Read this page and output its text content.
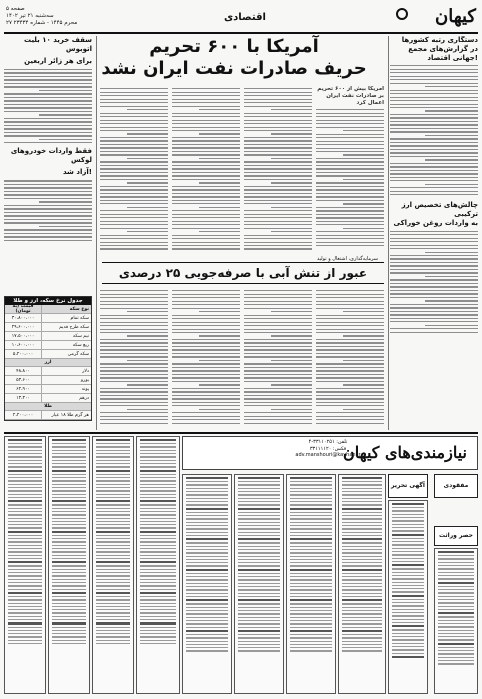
کیهان
اقتصادی
صفحه ۵
سه‌شنبه ۲۱ تیر ۱۴۰۲
۲۷ محرم ۱۴۴۵ - شماره ۲۳۴۳۴
دستگاری رتبه کشورها
در گزارش‌های مجمع جهانی اقتصاد!
چالش‌های تخصیص ارز ترکیبی
به واردات روغن خوراکی
سقف خرید ۱۰ بلیت اتوبوس
برای هر زائر اربعین
فقط واردات خودروهای لوکس
آزاد شد!
آمریکا با ۶۰۰ تحریم
حریف صادرات نفت ایران نشد
آمریکا بیش از ۶۰۰ تحریم بر صادرات نفت ایران اعمال کرد
سرمایه‌گذاری، اشتغال و تولید
عبور از تنش آبی با صرفه‌جویی ۲۵ درصدی
جدول نرخ سکه، ارز و طلا
قیمت (به تومان)	نوع سکه
۳۰،۸۰۰،۰۰۰	سکه تمام
۲۹،۶۰۰،۰۰۰	سکه طرح قدیم
۱۷،۵۰۰،۰۰۰	نیم سکه
۱۰،۶۰۰،۰۰۰	ربع سکه
۵،۲۰۰،۰۰۰	سکه گرمی
ارز
۴۸،۸۰۰	دلار
۵۳،۶۰۰	یورو
۶۲،۹۰۰	پوند
۱۳،۳۰۰	درهم
طلا
۲،۲۰۰،۰۰۰	هر گرم طلا ۱۸ عیار
نیازمندی‌های کیهان
تلفن: ۳۳۱۱۰۲۵۱-۴
فکس: ۳۳۱۱۱۱۲۰
adv.manshouri@kayhan.ir
آگهی تحریر	مفقودی
حصر وراثت
